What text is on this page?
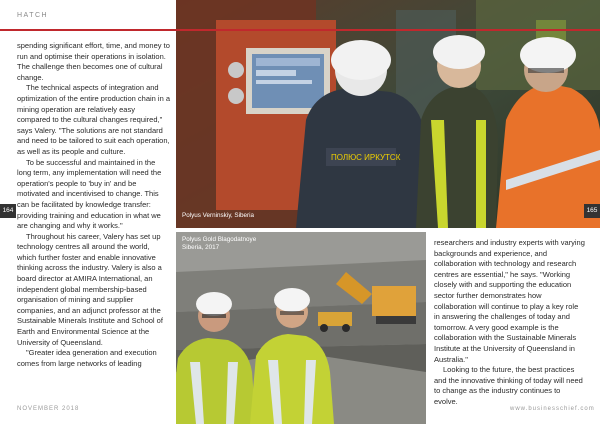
HATCH

spending significant effort, time, and money to run and optimise their operations in isolation. The challenge then becomes one of cultural change.

The technical aspects of integration and optimization of the entire production chain in a mining operation are relatively easy compared to the cultural changes required," says Valery. "The solutions are not standard and need to be tailored to suit each operation, as well as its people and culture.

To be successful and maintained in the long term, any implementation will need the operation's people to 'buy in' and be motivated and incentivised to change. This can be facilitated by knowledge transfer: providing training and education in what we are changing and why it works."

Throughout his career, Valery has set up technology centres all around the world, which further foster and enable innovative thinking across the industry. Valery is also a board director at AMIRA International, an independent global membership-based organisation of mining and supplier companies, and an adjunct professor at the Sustainable Minerals Institute and School of Earth and Environmental Science at the University of Queensland.

"Greater idea generation and execution comes from large networks of leading

ПОЛЮС ИРКУТСК
Polyus Verninskiy, Siberia
Polyus Gold Blagodatnoye
Siberia, 2017

researchers and industry experts with varying backgrounds and experience, and collaboration with technology and research centres are essential," he says. "Working closely with and supporting the education sector further demonstrates how collaboration will continue to play a key role in answering the challenges of today and tomorrow. A very good example is the collaboration with the Sustainable Minerals Institute at the University of Queensland in Australia."

Looking to the future, the best practices and the innovative thinking of today will need to change as the industry continues to evolve.

164	165
NOVEMBER 2018	www.businesschief.com
